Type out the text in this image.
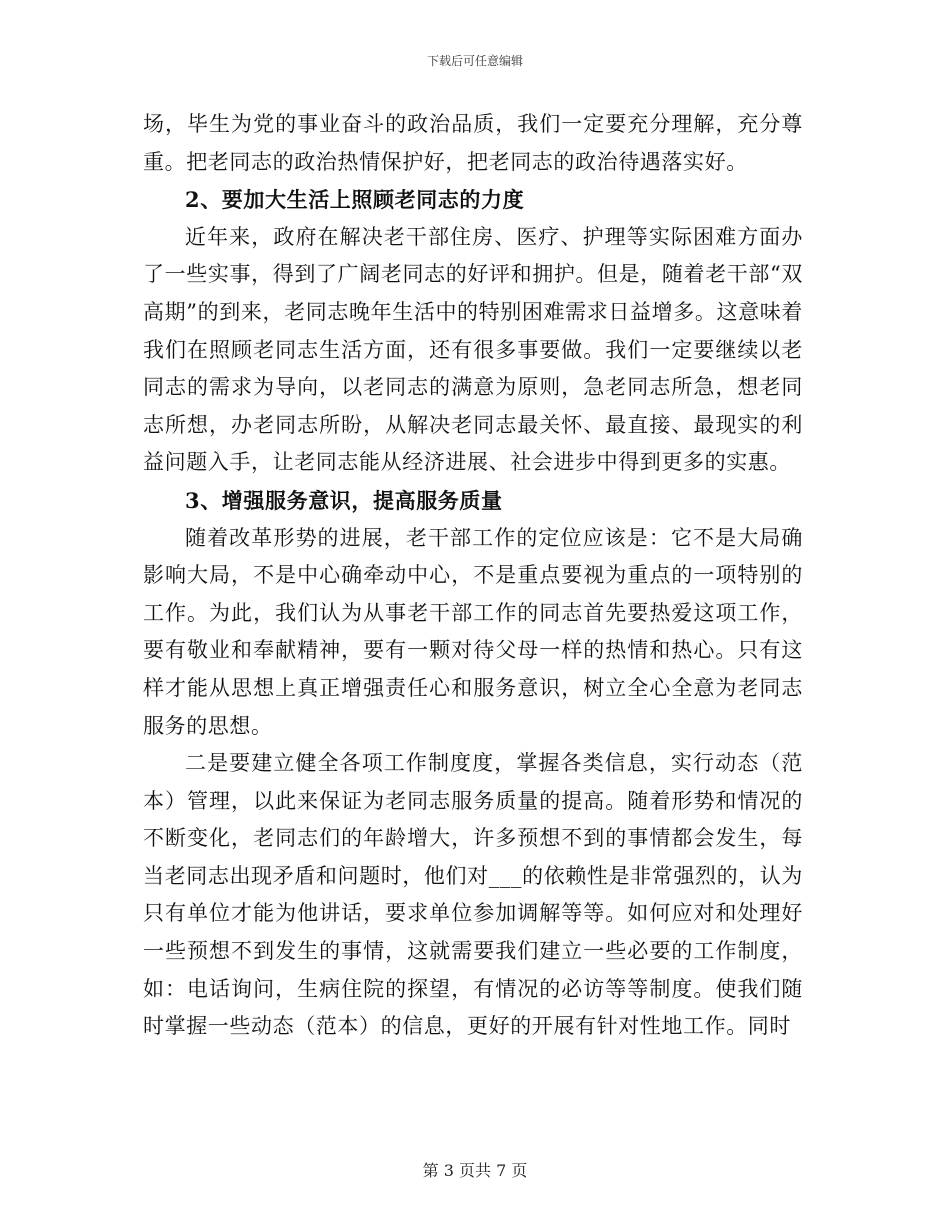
下载后可任意编辑

场，毕生为党的事业奋斗的政治品质，我们一定要充分理解，充分尊重。把老同志的政治热情保护好，把老同志的政治待遇落实好。

2、要加大生活上照顾老同志的力度

近年来，政府在解决老干部住房、医疗、护理等实际困难方面办了一些实事，得到了广阔老同志的好评和拥护。但是，随着老干部“双高期”的到来，老同志晚年生活中的特别困难需求日益增多。这意味着我们在照顾老同志生活方面，还有很多事要做。我们一定要继续以老同志的需求为导向，以老同志的满意为原则，急老同志所急，想老同志所想，办老同志所盼，从解决老同志最关怀、最直接、最现实的利益问题入手，让老同志能从经济进展、社会进步中得到更多的实惠。

3、增强服务意识，提高服务质量

随着改革形势的进展，老干部工作的定位应该是：它不是大局确影响大局，不是中心确牵动中心，不是重点要视为重点的一项特别的工作。为此，我们认为从事老干部工作的同志首先要热爱这项工作，要有敬业和奉献精神，要有一颗对待父母一样的热情和热心。只有这样才能从思想上真正增强责任心和服务意识，树立全心全意为老同志服务的思想。

二是要建立健全各项工作制度度，掌握各类信息，实行动态（范本）管理，以此来保证为老同志服务质量的提高。随着形势和情况的不断变化，老同志们的年龄增大，许多预想不到的事情都会发生，每当老同志出现矛盾和问题时，他们对___的依赖性是非常强烈的，认为只有单位才能为他讲话，要求单位参加调解等等。如何应对和处理好一些预想不到发生的事情，这就需要我们建立一些必要的工作制度，如：电话询问，生病住院的探望，有情况的必访等等制度。使我们随时掌握一些动态（范本）的信息，更好的开展有针对性地工作。同时

第 3 页共 7 页
